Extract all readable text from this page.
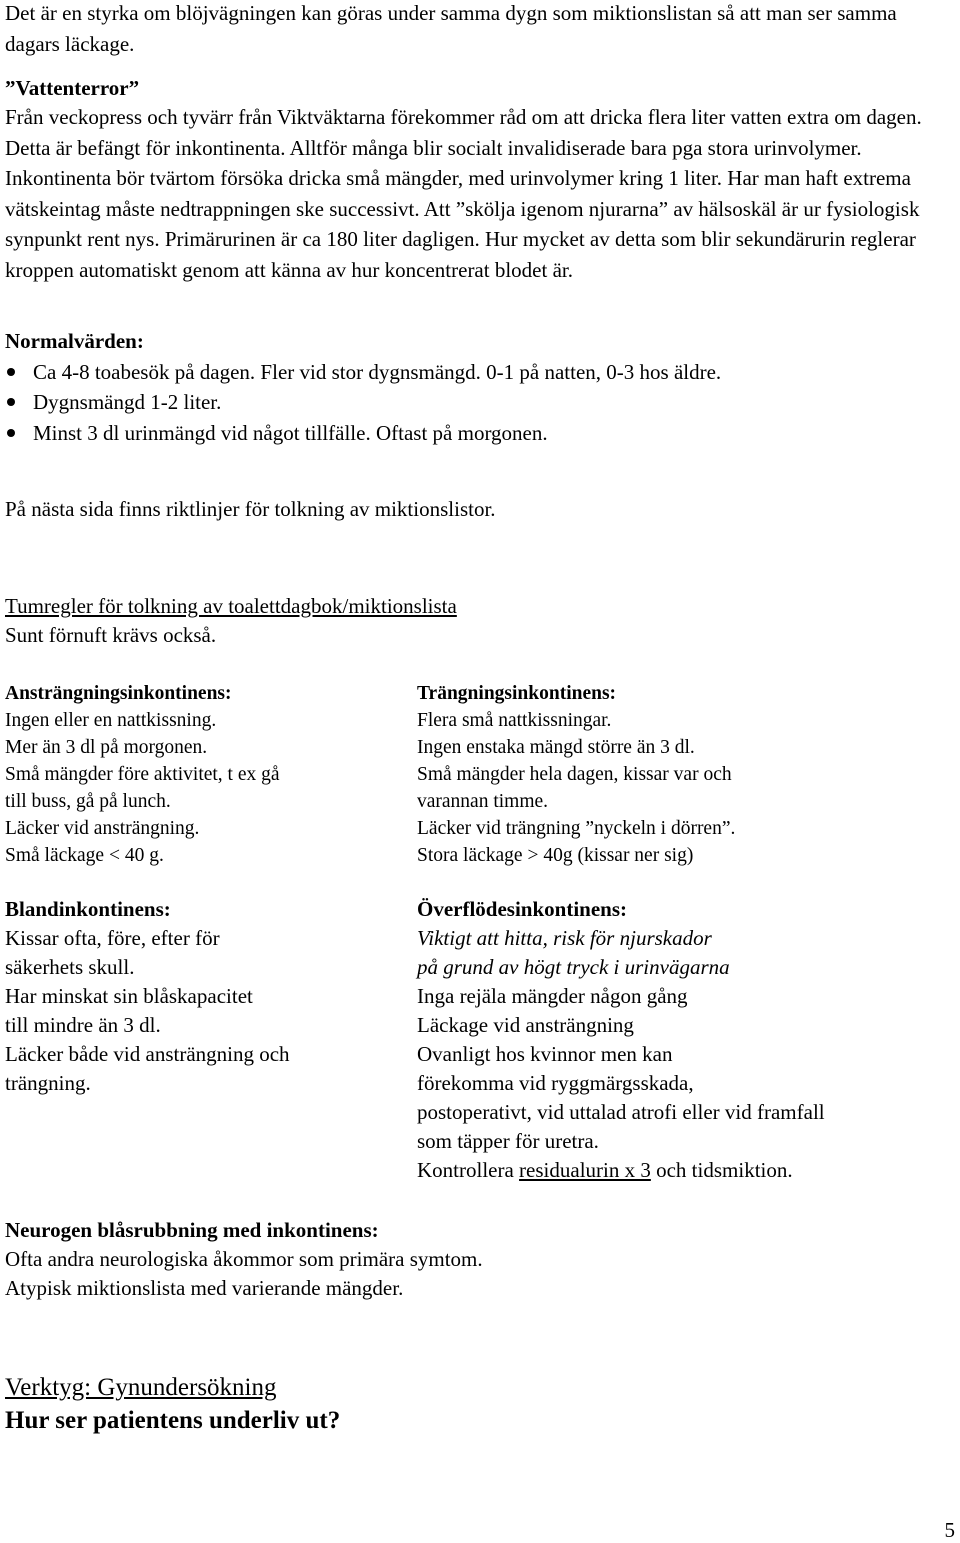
Det är en styrka om blöjvägningen kan göras under samma dygn som miktionslistan så att man ser samma dagars läckage.

”Vattenterror”

Från veckopress och tyvärr från Viktväktarna förekommer råd om att dricka flera liter vatten extra om dagen. Detta är befängt för inkontinenta. Alltför många blir socialt invalidiserade bara pga stora urinvolymer. Inkontinenta bör tvärtom försöka dricka små mängder, med urinvolymer kring 1 liter. Har man haft extrema vätskeintag måste nedtrappningen ske successivt. Att ”skölja igenom njurarna” av hälsoskäl är ur fysiologisk synpunkt rent nys. Primärurinen är ca 180 liter dagligen. Hur mycket av detta som blir sekundärurin reglerar kroppen automatiskt genom att känna av hur koncentrerat blodet är.

Normalvärden:

Ca 4-8 toabesök på dagen. Fler vid stor dygnsmängd. 0-1 på natten, 0-3 hos äldre.
Dygnsmängd 1-2 liter.
Minst 3 dl urinmängd vid något tillfälle. Oftast på morgonen.

På nästa sida finns riktlinjer för tolkning av miktionslistor.

Tumregler för tolkning av toalettdagbok/miktionslista

Sunt förnuft krävs också.

Ansträngningsinkontinens:
Ingen eller en nattkissning.
Mer än 3 dl på morgonen.
Små mängder före aktivitet, t ex gå
till buss, gå på lunch.
Läcker vid ansträngning.
Små läckage < 40 g.
Trängningsinkontinens:
Flera små nattkissningar.
Ingen enstaka mängd större än 3 dl.
Små mängder hela dagen, kissar var och
varannan timme.
Läcker vid trängning ”nyckeln i dörren”.
Stora läckage > 40g (kissar ner sig)
Blandinkontinens:
Kissar ofta, före, efter för
säkerhets skull.
Har minskat sin blåskapacitet
till mindre än 3 dl.
Läcker både vid ansträngning och
trängning.
Överflödesinkontinens:
Viktigt att hitta, risk för njurskador
på grund av högt tryck i urinvägarna
Inga rejäla mängder någon gång
Läckage vid ansträngning
Ovanligt hos kvinnor men kan
förekomma vid ryggmärgsskada,
postoperativt, vid uttalad atrofi eller vid framfall
som täpper för uretra.
Kontrollera residualurin x 3 och tidsmiktion.
Neurogen blåsrubbning med inkontinens:
Ofta andra neurologiska åkommor som primära symtom.
Atypisk miktionslista med varierande mängder.

Verktyg: Gynundersökning

Hur ser patientens underliv ut?

5
